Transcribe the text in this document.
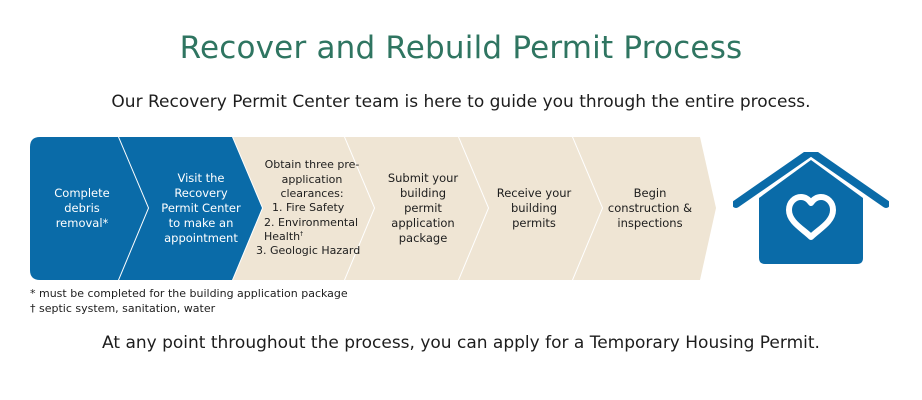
Recover and Rebuild Permit Process
Our Recovery Permit Center team is here to guide you through the entire process.
Complete debris removal*
Visit the Recovery Permit Center to make an appointment
Obtain three pre-application clearances:
1. Fire Safety
2. Environmental Health†
3. Geologic Hazard
Submit your building permit application package
Receive your building permits
Begin construction & inspections
* must be completed for the building application package
† septic system, sanitation, water
At any point throughout the process, you can apply for a Temporary Housing Permit.
